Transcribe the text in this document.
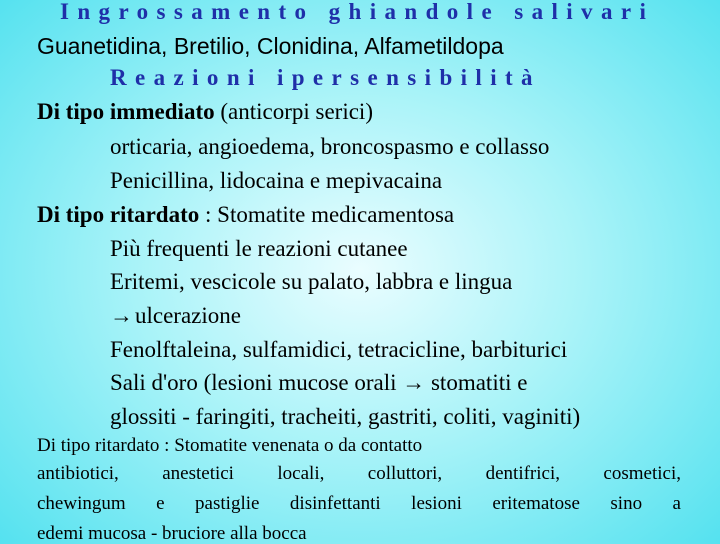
Ingrossamento ghiandole salivari
Guanetidina, Bretilio, Clonidina, Alfametildopa
Reazioni ipersensibilità
Di tipo immediato (anticorpi serici)
orticaria, angioedema, broncospasmo e collasso
Penicillina, lidocaina e mepivacaina
Di tipo ritardato : Stomatite medicamentosa
Più frequenti le reazioni cutanee
Eritemi, vescicole su palato, labbra e lingua
→ulcerazione
Fenolftaleina, sulfamidici, tetracicline, barbiturici
Sali d'oro (lesioni mucose orali → stomatiti e
glossiti - faringiti, tracheiti, gastriti, coliti, vaginiti)
Di tipo ritardato : Stomatite venenata o da contatto
antibiotici, anestetici locali, colluttori, dentifrici, cosmetici,
chewingum e pastiglie disinfettanti lesioni eritematose sino a
edemi mucosa - bruciore alla bocca
